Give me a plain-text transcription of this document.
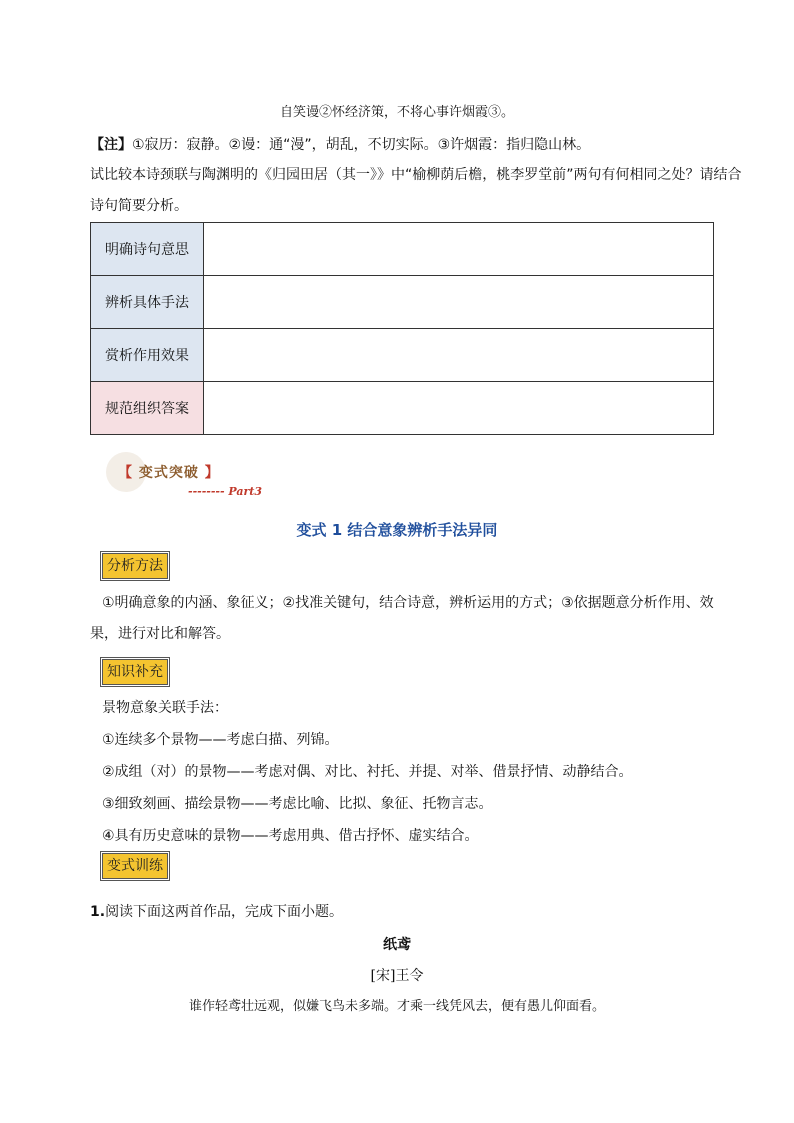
自笑谩②怀经济策，不将心事许烟霞③。
【注】①寂历：寂静。②谩：通“漫”，胡乱，不切实际。③许烟霞：指归隐山林。
试比较本诗颈联与陶渊明的《归园田居（其一》》中“榆柳荫后檐，桃李罗堂前”两句有何相同之处？请结合
诗句简要分析。
明确诗句意思	
辨析具体手法	
赏析作用效果	
规范组织答案	
【 变式突破 】
-------- Part3
变式 1 结合意象辨析手法异同
分析方法
①明确意象的内涵、象征义；②找准关键句，结合诗意，辨析运用的方式；③依据题意分析作用、效
果，进行对比和解答。
知识补充
景物意象关联手法：
①连续多个景物——考虑白描、列锦。
②成组（对）的景物——考虑对偶、对比、衬托、并提、对举、借景抒情、动静结合。
③细致刻画、描绘景物——考虑比喻、比拟、象征、托物言志。
④具有历史意味的景物——考虑用典、借古抒怀、虚实结合。
变式训练
1.阅读下面这两首作品，完成下面小题。
纸鸢
[宋]王令
谁作轻鸢壮远观，似嫌飞鸟未多端。才乘一线凭风去，便有愚儿仰面看。
